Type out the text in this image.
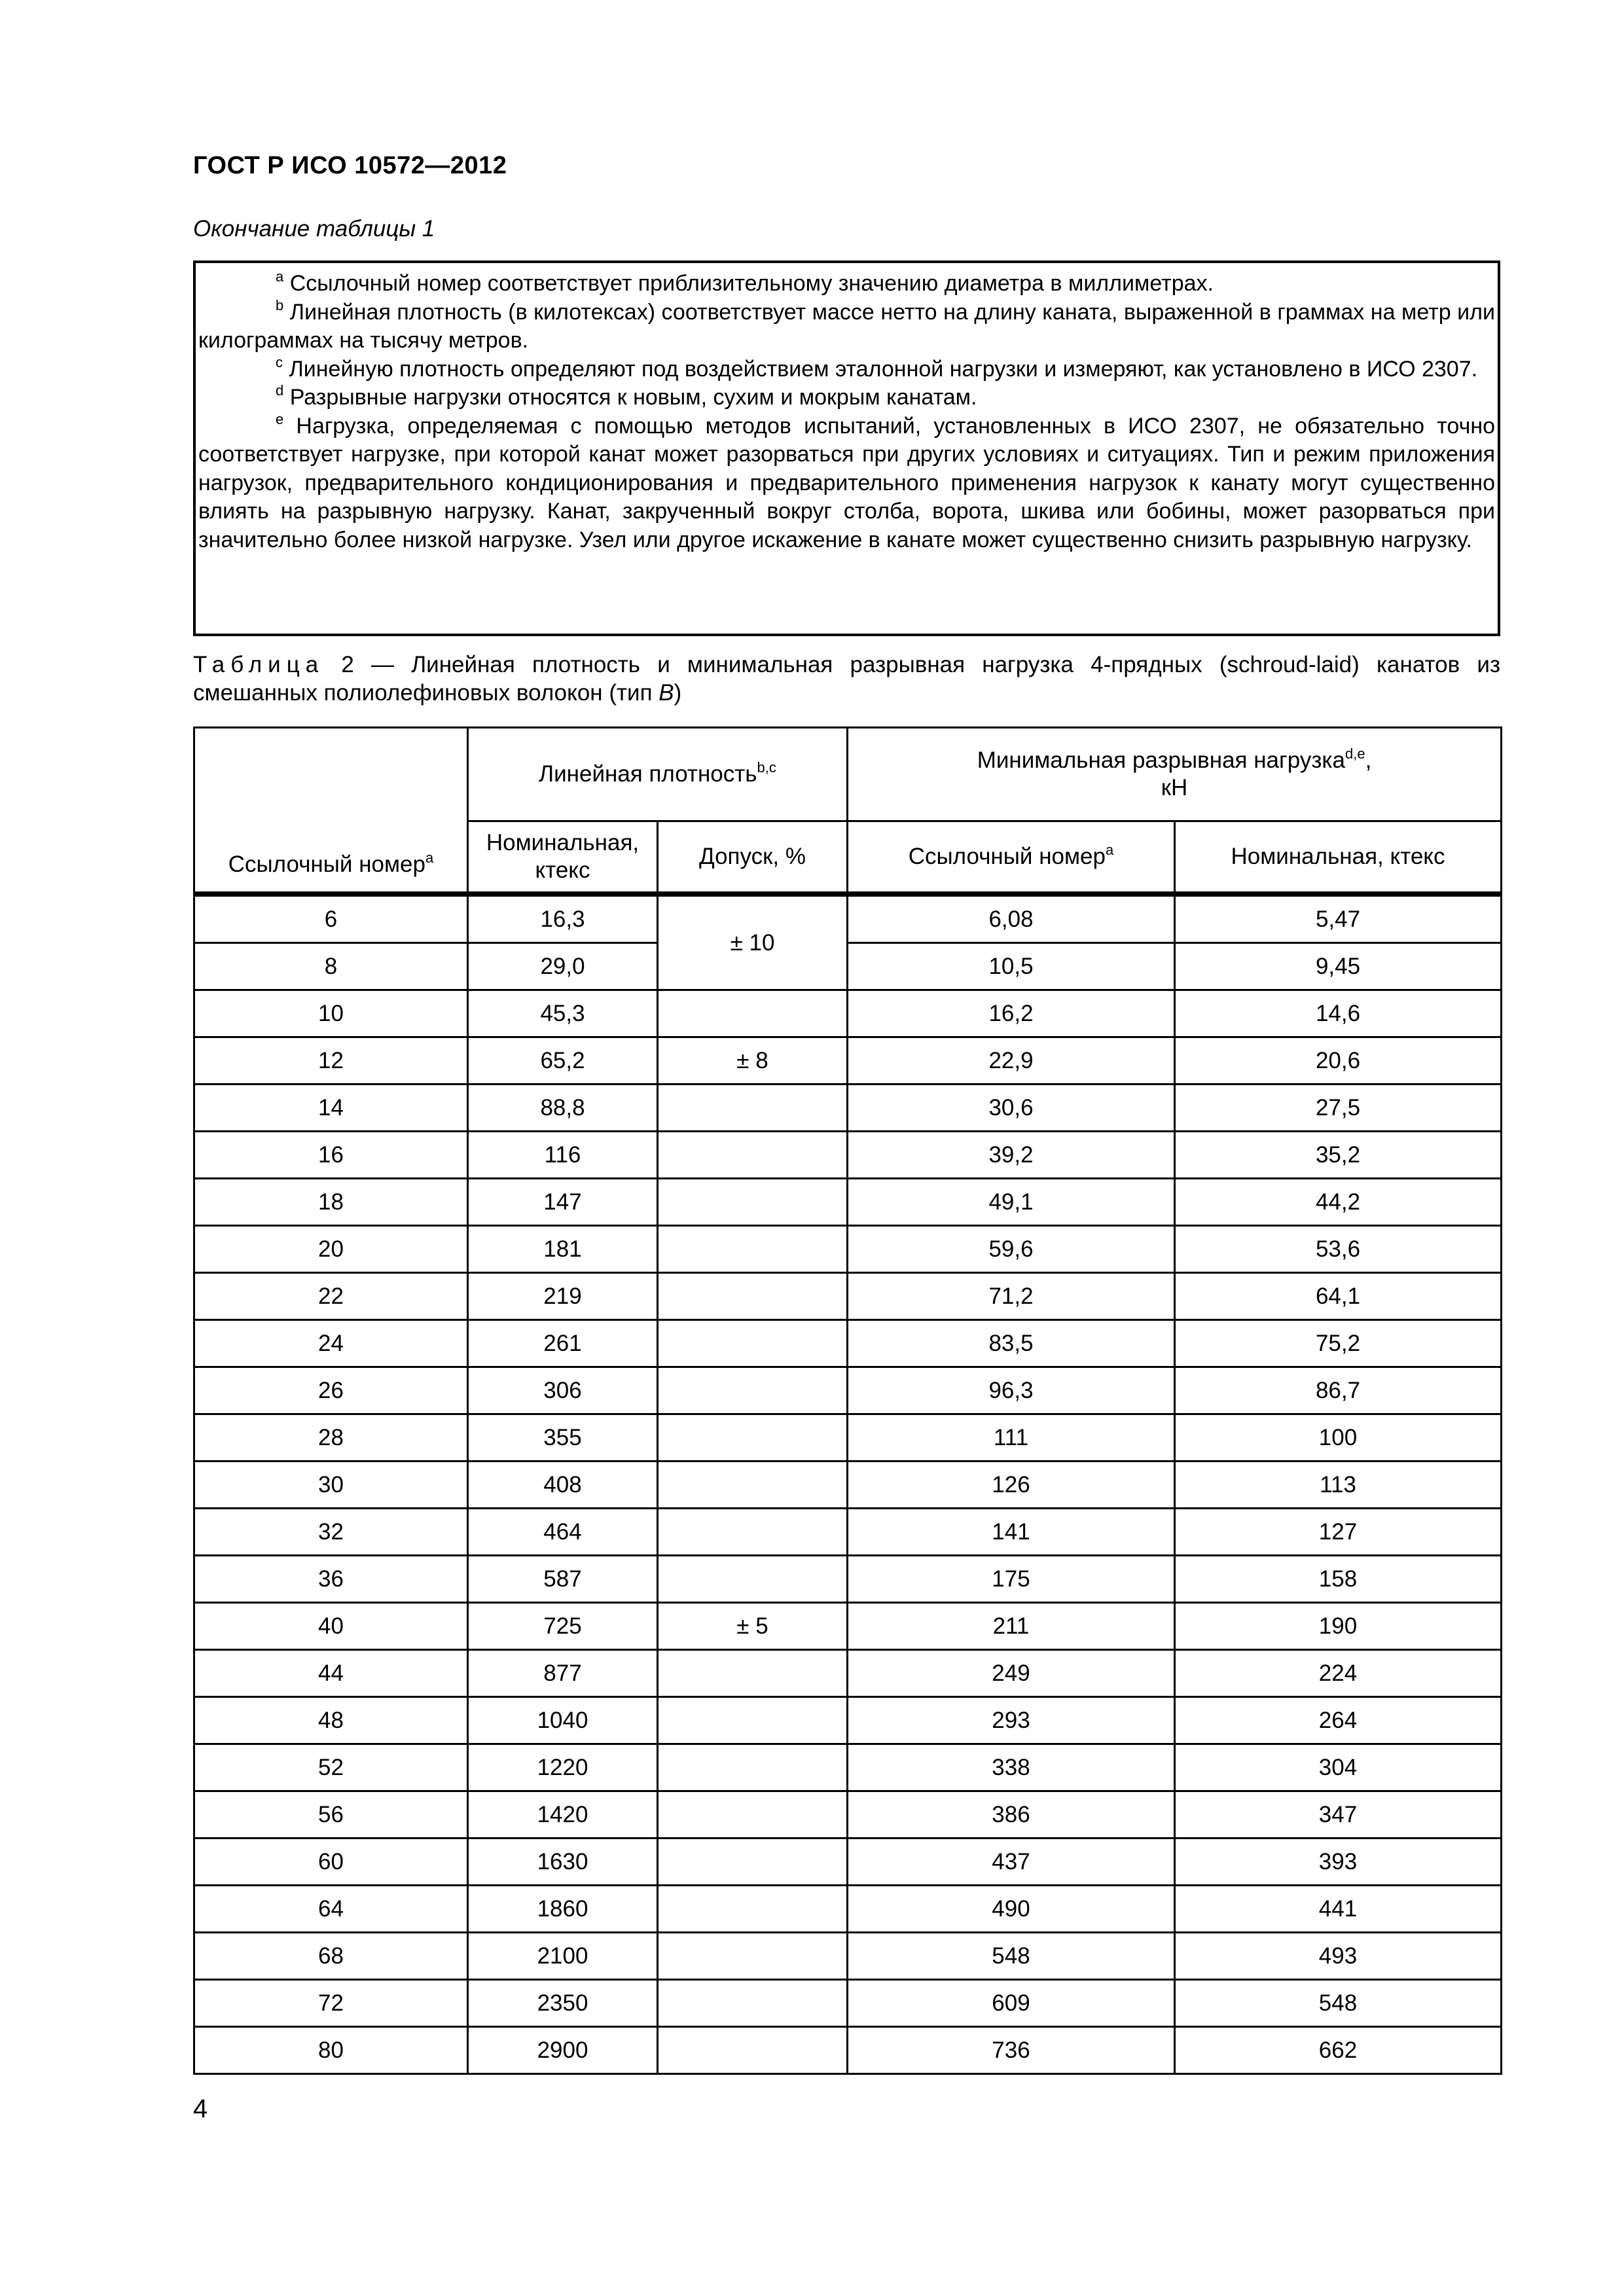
ГОСТ Р ИСО 10572—2012
Окончание таблицы 1

$^a$ Ссылочный номер соответствует приблизительному значению диаметра в миллиметрах.

$^b$ Линейная плотность (в килотексах) соответствует массе нетто на длину каната, выраженной в граммах на метр или килограммах на тысячу метров.

$^c$ Линейную плотность определяют под воздействием эталонной нагрузки и измеряют, как установлено в ИСО 2307.

$^d$ Разрывные нагрузки относятся к новым, сухим и мокрым канатам.

$^e$ Нагрузка, определяемая с помощью методов испытаний, установленных в ИСО 2307, не обязательно точно соответствует нагрузке, при которой канат может разорваться при других условиях и ситуациях. Тип и режим приложения нагрузок, предварительного кондиционирования и предварительного применения нагрузок к канату могут существенно влиять на разрывную нагрузку. Канат, закрученный вокруг столба, ворота, шкива или бобины, может разорваться при значительно более низкой нагрузке. Узел или другое искажение в канате может существенно снизить разрывную нагрузку.

Таблица 2 — Линейная плотность и минимальная разрывная нагрузка 4-прядных (schroud-laid) канатов из смешанных полиолефиновых волокон (тип B)
Ссылочный номер$^a$	Линейная плотность$^{b,c}$		Минимальная разрывная нагрузка$^{d,e}$,
кН	
	Номинальная, ктекс	Допуск, %	Ссылочный номер$^a$	Номинальная, ктекс
6	16,3	± 10	6,08	5,47
8	29,0		10,5	9,45
10	45,3		16,2	14,6
12	65,2	± 8	22,9	20,6
14	88,8		30,6	27,5
16	116		39,2	35,2
18	147		49,1	44,2
20	181		59,6	53,6
22	219		71,2	64,1
24	261		83,5	75,2
26	306		96,3	86,7
28	355		111	100
30	408		126	113
32	464		141	127
36	587		175	158
40	725	± 5	211	190
44	877		249	224
48	1040		293	264
52	1220		338	304
56	1420		386	347
60	1630		437	393
64	1860		490	441
68	2100		548	493
72	2350		609	548
80	2900		736	662
4
